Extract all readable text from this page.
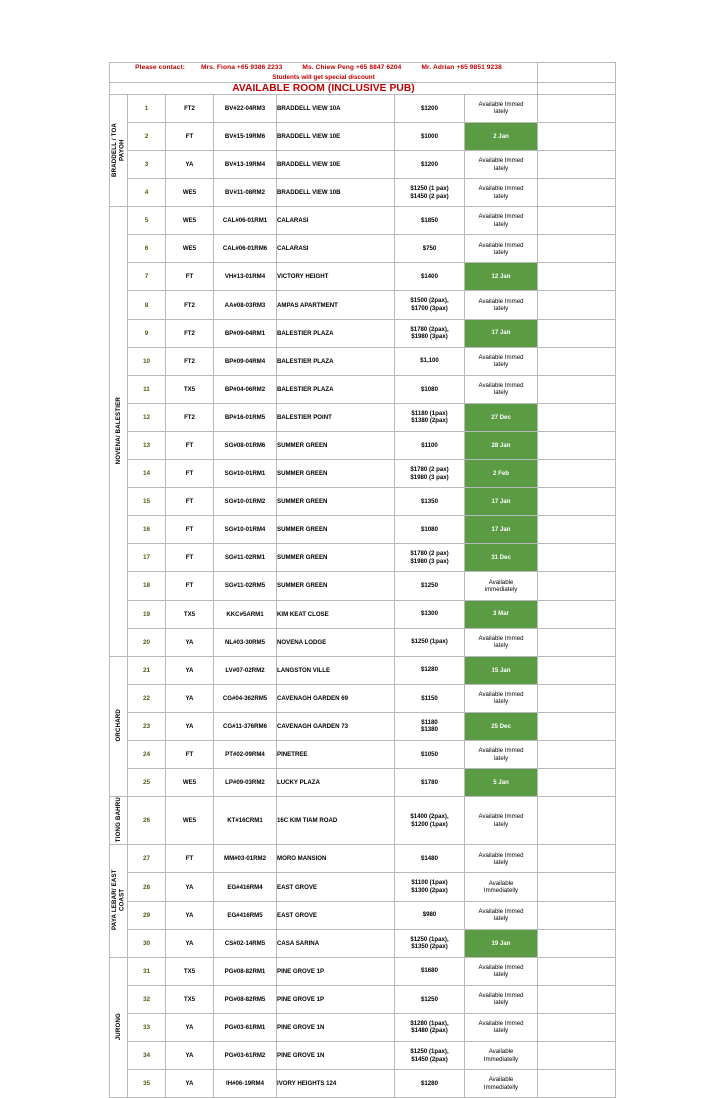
Please contact: Mrs. Fiona +65 9386 2233 Ms. Chiew Peng +65 8847 6204 Mr. Adrian +65 9851 9238
Students will get special discount							

AVAILABLE ROOM (INCLUSIVE PUB)							
BRADDELL / TOA PAYOH	1	FT2	BV#22-04RM3	BRADDELL VIEW 10A	$1200	Available Immed
lately	

	2	FT	BV#15-19RM6	BRADDELL VIEW 10E	$1000	2 Jan	
	3	YA	BV#13-19RM4	BRADDELL VIEW 10E	$1200	Available Immed
lately	

	4	WE5	BV#11-08RM2	BRADDELL VIEW 10B	$1250 (1 pax)
$1450 (2 pax)	Available Immed
lately	

NOVENA/ BALESTIER	5	WE5	CAL#06-01RM1	CALARASI	$1850	Available Immed
lately	

	6	WE5	CAL#06-01RM6	CALARASI	$750	Available Immed
lately	

	7	FT	VH#13-01RM4	VICTORY HEIGHT	$1400	12 Jan	
	8	FT2	AA#08-03RM3	AMPAS APARTMENT	$1500 (2pax),
$1700 (3pax)	Available Immed
lately	

	9	FT2	BP#09-04RM1	BALESTIER PLAZA	$1780 (2pax),
$1980 (3pax)	17 Jan	
	10	FT2	BP#09-04RM4	BALESTIER PLAZA	$1,100	Available Immed
lately	

	11	TX5	BP#04-06RM2	BALESTIER PLAZA	$1080	Available Immed
lately	

	12	FT2	BP#16-01RM5	BALESTIER POINT	$1180 (1pax)
$1380 (2pax)	27 Dec	
	13	FT	SG#08-01RM6	SUMMER GREEN	$1100	28 Jan	
	14	FT	SG#10-01RM1	SUMMER GREEN	$1780 (2 pax)
$1980 (3 pax)	2 Feb	
	15	FT	SG#10-01RM2	SUMMER GREEN	$1350	17 Jan	
	16	FT	SG#10-01RM4	SUMMER GREEN	$1080	17 Jan	
	17	FT	SG#11-02RM1	SUMMER GREEN	$1780 (2 pax)
$1980 (3 pax)	31 Dec	
	18	FT	SG#11-02RM5	SUMMER GREEN	$1250	Available
immediately	

	19	TX5	KKC#5ARM1	KIM KEAT CLOSE	$1300	3 Mar	
	20	YA	NL#03-30RM5	NOVENA LODGE	$1250 (1pax)	Available Immed
lately	

ORCHARD	21	YA	LV#07-02RM2	LANGSTON VILLE	$1280	15 Jan	
	22	YA	CG#04-362RM5	CAVENAGH GARDEN 69	$1150	Available Immed
lately	

	23	YA	CG#11-376RM6	CAVENAGH GARDEN 73	$1180
$1380	25 Dec	
	24	FT	PT#02-09RM4	PINETREE	$1050	Available Immed
lately	

	25	WE5	LP#09-03RM2	LUCKY PLAZA	$1780	5 Jan	
TIONG BAHRU	26	WE5	KT#16CRM1	16C KIM TIAM ROAD	$1400 (2pax),
$1200 (1pax)	Available Immed
lately	

PAYA LEBAR/ EAST COAST	27	FT	MM#03-01RM2	MORO MANSION	$1480	Available Immed
lately	

	28	YA	EG#416RM4	EAST GROVE	$1100 (1pax)
$1300 (2pax)	Available
Immediatelly	

	29	YA	EG#416RM5	EAST GROVE	$980	Available Immed
lately	

	30	YA	CS#02-14RM5	CASA SARINA	$1250 (1pax),
$1350 (2pax)	19 Jan	
JURONG	31	TX5	PG#08-82RM1	PINE GROVE 1P	$1680	Available Immed
lately	

	32	TX5	PG#08-82RM5	PINE GROVE 1P	$1250	Available Immed
lately	

	33	YA	PG#03-61RM1	PINE GROVE 1N	$1280 (1pax),
$1480 (2pax)	Available Immed
lately	

	34	YA	PG#03-61RM2	PINE GROVE 1N	$1250 (1pax),
$1450 (2pax)	Available
Immediatelly	

	35	YA	IH#06-19RM4	IVORY HEIGHTS 124	$1280	Available
Immediatelly	
